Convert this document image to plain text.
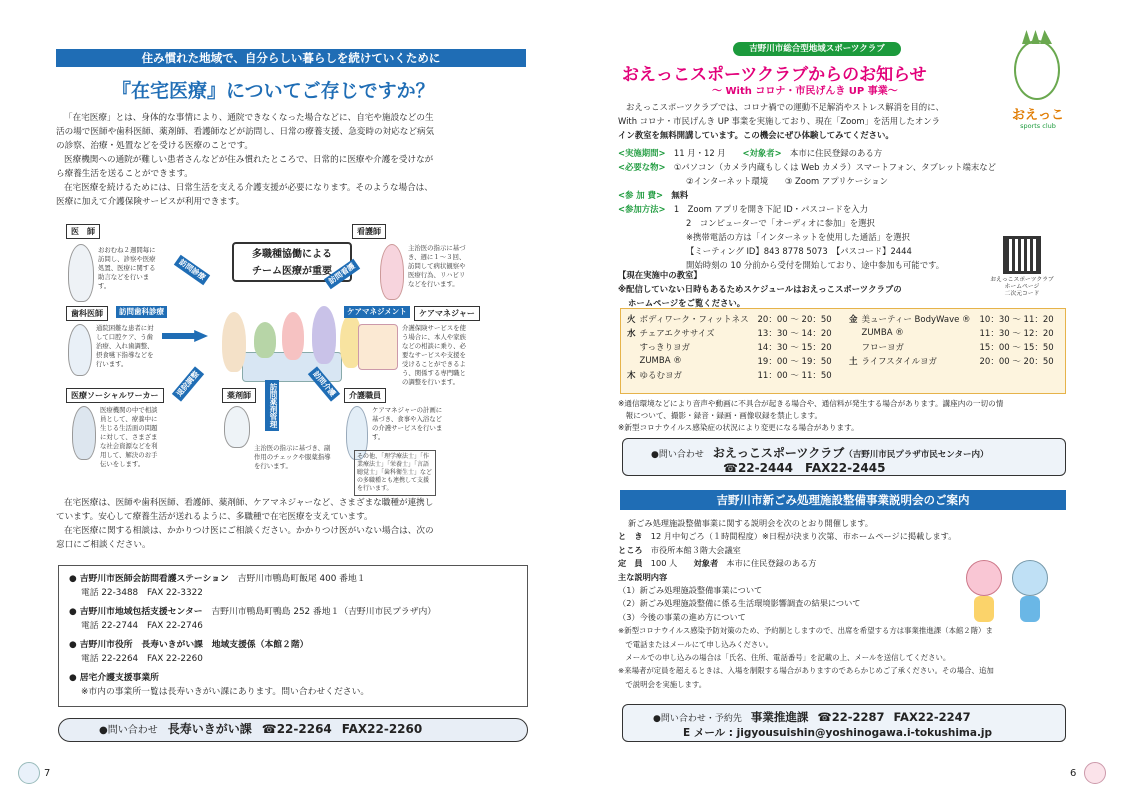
住み慣れた地域で、自分らしい暮らしを続けていくために
『在宅医療』についてご存じですか？
「在宅医療」とは、身体的な事情により、通院できなくなった場合などに、自宅や施設などの生
活の場で医師や歯科医師、薬剤師、看護師などが訪問し、日常の療養支援、急変時の対応など病気
の診察、治療・処置などを受ける医療のことです。
医療機関への通院が難しい患者さんなどが住み慣れたところで、日常的に医療や介護を受けなが
ら療養生活を送ることができます。
在宅医療を続けるためには、日常生活を支える介護支援が必要になります。そのような場合は、
医療に加えて介護保険サービスが利用できます。
多職種協働による
チーム医療が重要
医　師
おおむね２週間毎に訪問し、診察や医療処置、医療に関する助言などを行います。
訪問診療
看護師
主治医の指示に基づき、週に１～３回、訪問して病状観察や医療行為、リハビリなどを行います。
訪問看護
歯科医師	訪問歯科診療
通院困難な患者に対して口腔ケア、う歯治療、入れ歯調整、摂食嚥下指導などを行います。
ケアマネジメント	ケアマネジャー
介護保険サービスを使う場合に、本人や家族などの相談に乗り、必要なサービスや支援を受けることができるよう、関係する専門職との調整を行います。
医療ソーシャルワーカー
医療機関の中で相談員として、療養中に生じる生活面の問題に対して、さまざまな社会資源などを利用して、解決のお手伝いをします。
退院調整	薬剤師	訪問薬剤管理
主治医の指示に基づき、副作用のチェックや服薬指導を行います。
訪問介護	介護職員
ケアマネジャーの計画に基づき、食事や入浴などの介護サービスを行います。
その他、「理学療法士」「作業療法士」「栄養士」「言語聴覚士」「歯科衛生士」などの多職種とも連携して支援を行います。
在宅医療は、医師や歯科医師、看護師、薬剤師、ケアマネジャーなど、さまざまな職種が連携し
ています。安心して療養生活が送れるように、多職種で在宅医療を支えています。
在宅医療に関する相談は、かかりつけ医にご相談ください。かかりつけ医がいない場合は、次の
窓口にご相談ください。
● 吉野川市医師会訪問看護ステーション　 吉野川市鴨島町飯尾 400 番地１
電話 22-3488　FAX 22-3322
● 吉野川市地域包括支援センター　 吉野川市鴨島町鴨島 252 番地１（吉野川市民プラザ内）
電話 22-2744　FAX 22-2746
● 吉野川市役所　長寿いきがい課　地域支援係（本館２階）
電話 22-2264　FAX 22-2260
● 居宅介護支援事業所
※市内の事業所一覧は長寿いきがい課にあります。問い合わせください。
●問い合わせ　 長寿いきがい課　 ☎22-2264　 FAX22-2260
7
吉野川市総合型地域スポーツクラブ
おえっこスポーツクラブからのお知らせ
～ With コロナ・市民げんき UP 事業～
おえっこ
sports club
おえっこスポーツクラブでは、コロナ禍での運動不足解消やストレス解消を目的に、
With コロナ・市民げんき UP 事業を実施しており、現在「Zoom」を活用したオンラ
イン教室を無料開講しています。この機会にぜひ体験してみてください。
<実施期間>　 11 月・12 月　　 <対象者>　 本市に住民登録のある方
<必要な物>　 ①パソコン（カメラ内蔵もしくは Web カメラ）スマートフォン、タブレット端末など
②インターネット環境　　③ Zoom アプリケーション
<参 加 費>　 無料
<参加方法>　 1　Zoom アプリを開き下記 ID・パスコードを入力
2　コンピューターで「オーディオに参加」を選択
※携帯電話の方は「インターネットを使用した通話」を選択
【ミーティング ID】843 8778 5073　【パスコード】2444
開始時刻の 10 分前から受付を開始しており、途中参加も可能です。
おえっこスポーツクラブ
ホームページ
二次元コード
【現在実施中の教室】
※配信していない日時もあるためスケジュールはおえっこスポーツクラブの
ホームページをご覧ください。
火	ボディワーク・フィットネス	20：00 ～ 20：50
水	チェアエクササイズ	13：30 ～ 14：20
	すっきりヨガ	14：30 ～ 15：20
	ZUMBA ®	19：00 ～ 19：50
木	ゆるむヨガ	11：00 ～ 11：50
金	美ューティー BodyWave ®	10：30 ～ 11：20
	ZUMBA ®	11：30 ～ 12：20
	フローヨガ	15：00 ～ 15：50
土	ライフスタイルヨガ	20：00 ～ 20：50
※通信環境などにより音声や動画に不具合が起きる場合や、通信料が発生する場合があります。講座内の一切の情
　報について、撮影・録音・録画・画像収録を禁止します。
※新型コロナウイルス感染症の状況により変更になる場合があります。
●問い合わせ　 おえっこスポーツクラブ（吉野川市民プラザ市民センター内）
☎22-2444　 FAX22-2445
吉野川市新ごみ処理施設整備事業説明会のご案内
新ごみ処理施設整備事業に関する説明会を次のとおり開催します。
と　き　 12 月中旬ごろ（１時間程度）※日程が決まり次第、市ホームページに掲載します。
ところ　 市役所本館３階大会議室
定　員　 100 人　　 対象者　 本市に住民登録のある方
主な説明内容
（1）新ごみ処理施設整備事業について
（2）新ごみ処理施設整備に係る生活環境影響調査の結果について
（3）今後の事業の進め方について
※新型コロナウイルス感染予防対策のため、予約制としますので、出席を希望する方は事業推進課（本館２階）ま
　で電話またはメールにて申し込みください。
　メールでの申し込みの場合は「氏名、住所、電話番号」を記載の上、メールを送信してください。
※来場者が定員を超えるときは、入場を制限する場合がありますのであらかじめご了承ください。その場合、追加
　で説明会を実施します。
●問い合わせ・予約先　 事業推進課　 ☎22-2287　 FAX22-2247
E メール : jigyousuishin@yoshinogawa.i-tokushima.jp
6
